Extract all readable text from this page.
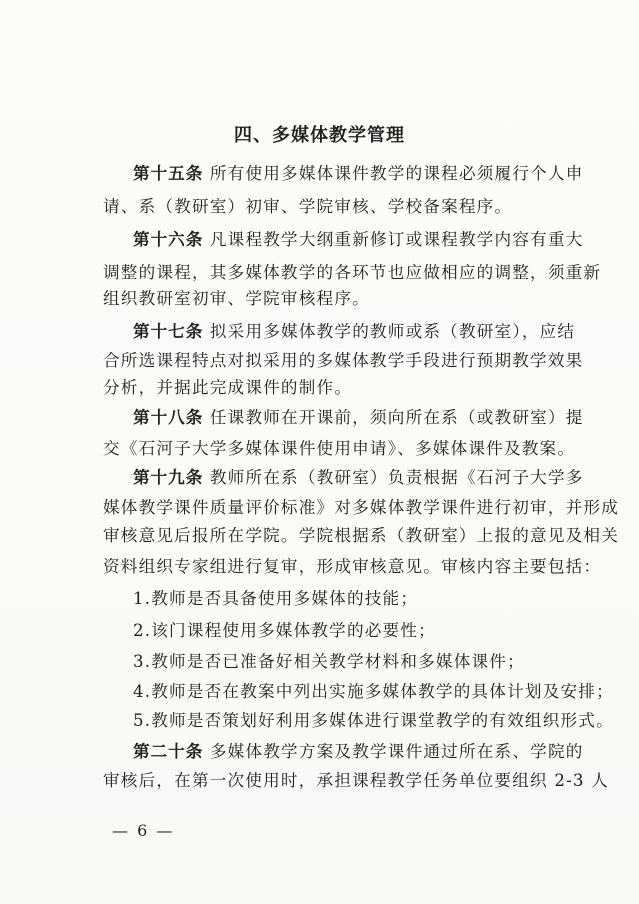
四、多媒体教学管理
第十五条 所有使用多媒体课件教学的课程必须履行个人申
请、系（教研室）初审、学院审核、学校备案程序。
第十六条 凡课程教学大纲重新修订或课程教学内容有重大
调整的课程，其多媒体教学的各环节也应做相应的调整，须重新
组织教研室初审、学院审核程序。
第十七条 拟采用多媒体教学的教师或系（教研室），应结
合所选课程特点对拟采用的多媒体教学手段进行预期教学效果
分析，并据此完成课件的制作。
第十八条 任课教师在开课前，须向所在系（或教研室）提
交《石河子大学多媒体课件使用申请》、多媒体课件及教案。
第十九条 教师所在系（教研室）负责根据《石河子大学多
媒体教学课件质量评价标准》对多媒体教学课件进行初审，并形成
审核意见后报所在学院。学院根据系（教研室）上报的意见及相关
资料组织专家组进行复审，形成审核意见。审核内容主要包括：
1.教师是否具备使用多媒体的技能；
2.该门课程使用多媒体教学的必要性；
3.教师是否已准备好相关教学材料和多媒体课件；
4.教师是否在教案中列出实施多媒体教学的具体计划及安排；
5.教师是否策划好利用多媒体进行课堂教学的有效组织形式。
第二十条 多媒体教学方案及教学课件通过所在系、学院的
审核后，在第一次使用时，承担课程教学任务单位要组织 2-3 人
— 6 —
